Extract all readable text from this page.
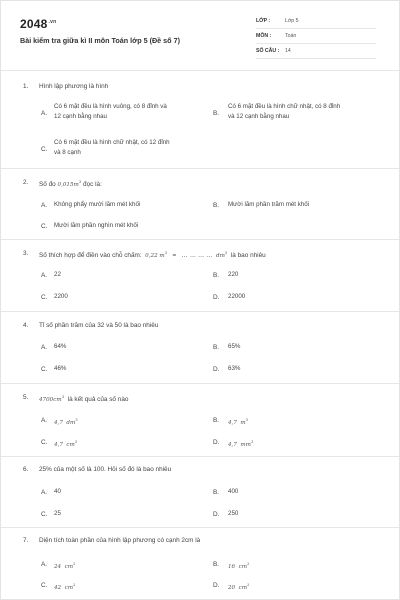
$2048^{.vn}$
Bài kiểm tra giữa kì II môn Toán lớp 5 (Đề số 7)
LỚP :	Lớp 5
MÔN :	Toán
SỐ CÂU : 14
1. Hình lập phương là hình
A.
Có 6 mặt đều là hình vuông, có 8 đỉnh và
12 cạnh bằng nhau	B.
Có 6 mặt đều là hình chữ nhật, có 8 đỉnh
và 12 cạnh bằng nhau
C.
Có 6 mặt đều là hình chữ nhật, có 12 đỉnh
và 8 cạnh
2. Số đo $0,015m^3$ đọc là:
A. Không phẩy mười lăm mét khối	B. Mười lăm phần trăm mét khối
C. Mười lăm phần nghìn mét khối
3. Số thích hợp để điền vào chỗ chấm: 0,22 $m^3$ = … … … … $dm^3$ là bao nhiêu
A. 22	B. 220
C. 2200	D. 22000
4. Tỉ số phần trăm của 32 và 50 là bao nhiêu
A. 64%	B. 65%
C. 46%	D. 63%
5. $4700cm^3$ là kết quả của số nào
A. 4,7 $dm^3$	B. 4,7 $m^3$
C. 4,7 $cm^3$	D. 4,7 $mm^3$
6. 25% của một số là 100. Hỏi số đó là bao nhiêu
A. 40	B. 400
C. 25	D. 250
7. Diện tích toàn phần của hình lập phương có cạnh 2cm là
A. 24 $cm^2$	B. 16 $cm^2$
C. 42 $cm^2$	D. 20 $cm^2$
